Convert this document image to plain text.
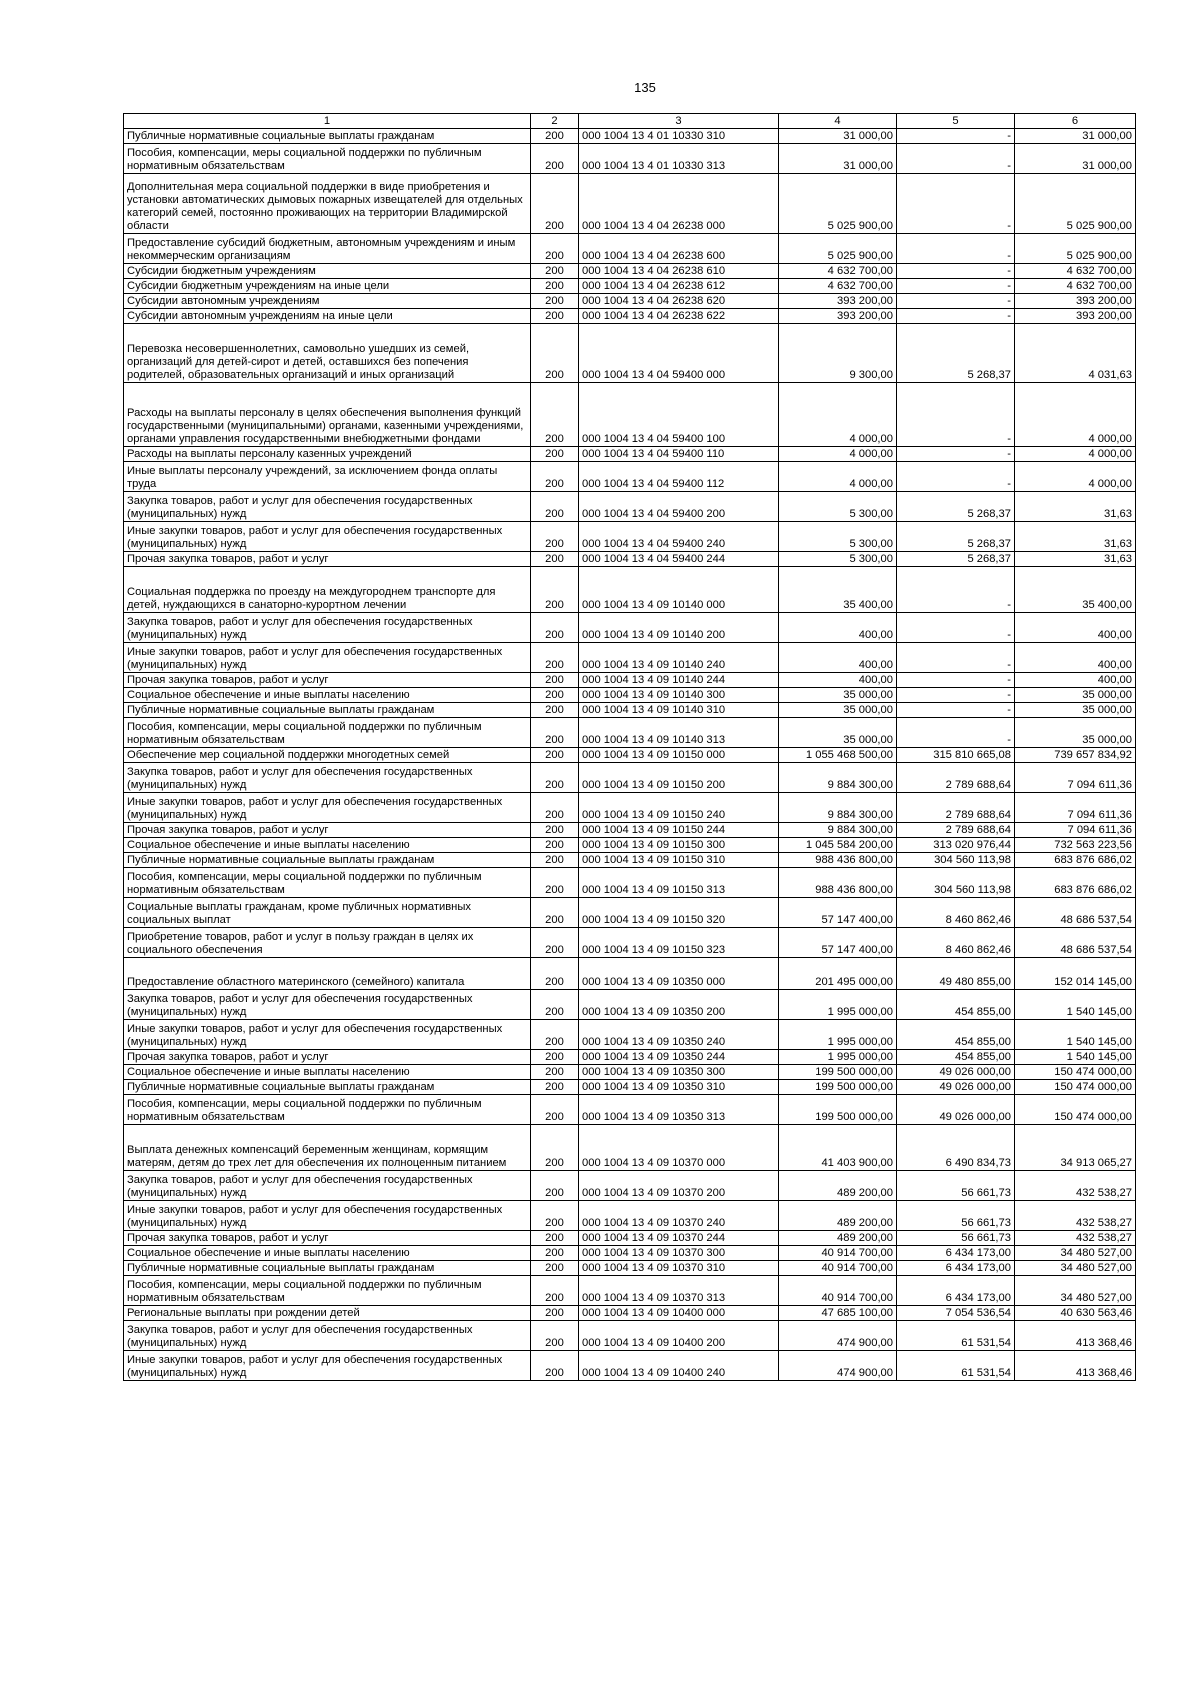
135
1	2	3	4	5	6
Публичные нормативные социальные выплаты гражданам	200	000 1004 13 4 01 10330 310	31 000,00	-	31 000,00
Пособия, компенсации, меры социальной поддержки по публичным нормативным обязательствам	200	000 1004 13 4 01 10330 313	31 000,00	-	31 000,00
Дополнительная мера социальной поддержки в виде приобретения и установки автоматических дымовых пожарных извещателей для отдельных категорий семей, постоянно проживающих на территории Владимирской области	200	000 1004 13 4 04 26238 000	5 025 900,00	-	5 025 900,00
Предоставление субсидий бюджетным, автономным учреждениям и иным некоммерческим организациям	200	000 1004 13 4 04 26238 600	5 025 900,00	-	5 025 900,00
Субсидии бюджетным учреждениям	200	000 1004 13 4 04 26238 610	4 632 700,00	-	4 632 700,00
Субсидии бюджетным учреждениям на иные цели	200	000 1004 13 4 04 26238 612	4 632 700,00	-	4 632 700,00
Субсидии автономным учреждениям	200	000 1004 13 4 04 26238 620	393 200,00	-	393 200,00
Субсидии автономным учреждениям на иные цели	200	000 1004 13 4 04 26238 622	393 200,00	-	393 200,00
Перевозка несовершеннолетних, самовольно ушедших из семей, организаций для детей-сирот и детей, оставшихся без попечения родителей, образовательных организаций и иных организаций	200	000 1004 13 4 04 59400 000	9 300,00	5 268,37	4 031,63
Расходы на выплаты персоналу в целях обеспечения выполнения функций государственными (муниципальными) органами, казенными учреждениями, органами управления государственными внебюджетными фондами	200	000 1004 13 4 04 59400 100	4 000,00	-	4 000,00
Расходы на выплаты персоналу казенных учреждений	200	000 1004 13 4 04 59400 110	4 000,00	-	4 000,00
Иные выплаты персоналу учреждений, за исключением фонда оплаты труда	200	000 1004 13 4 04 59400 112	4 000,00	-	4 000,00
Закупка товаров, работ и услуг для обеспечения государственных (муниципальных) нужд	200	000 1004 13 4 04 59400 200	5 300,00	5 268,37	31,63
Иные закупки товаров, работ и услуг для обеспечения государственных (муниципальных) нужд	200	000 1004 13 4 04 59400 240	5 300,00	5 268,37	31,63
Прочая закупка товаров, работ и услуг	200	000 1004 13 4 04 59400 244	5 300,00	5 268,37	31,63
Социальная поддержка по проезду на междугороднем транспорте для детей, нуждающихся в санаторно-курортном лечении	200	000 1004 13 4 09 10140 000	35 400,00	-	35 400,00
Закупка товаров, работ и услуг для обеспечения государственных (муниципальных) нужд	200	000 1004 13 4 09 10140 200	400,00	-	400,00
Иные закупки товаров, работ и услуг для обеспечения государственных (муниципальных) нужд	200	000 1004 13 4 09 10140 240	400,00	-	400,00
Прочая закупка товаров, работ и услуг	200	000 1004 13 4 09 10140 244	400,00	-	400,00
Социальное обеспечение и иные выплаты населению	200	000 1004 13 4 09 10140 300	35 000,00	-	35 000,00
Публичные нормативные социальные выплаты гражданам	200	000 1004 13 4 09 10140 310	35 000,00	-	35 000,00
Пособия, компенсации, меры социальной поддержки по публичным нормативным обязательствам	200	000 1004 13 4 09 10140 313	35 000,00	-	35 000,00
Обеспечение мер социальной поддержки многодетных семей	200	000 1004 13 4 09 10150 000	1 055 468 500,00	315 810 665,08	739 657 834,92
Закупка товаров, работ и услуг для обеспечения государственных (муниципальных) нужд	200	000 1004 13 4 09 10150 200	9 884 300,00	2 789 688,64	7 094 611,36
Иные закупки товаров, работ и услуг для обеспечения государственных (муниципальных) нужд	200	000 1004 13 4 09 10150 240	9 884 300,00	2 789 688,64	7 094 611,36
Прочая закупка товаров, работ и услуг	200	000 1004 13 4 09 10150 244	9 884 300,00	2 789 688,64	7 094 611,36
Социальное обеспечение и иные выплаты населению	200	000 1004 13 4 09 10150 300	1 045 584 200,00	313 020 976,44	732 563 223,56
Публичные нормативные социальные выплаты гражданам	200	000 1004 13 4 09 10150 310	988 436 800,00	304 560 113,98	683 876 686,02
Пособия, компенсации, меры социальной поддержки по публичным нормативным обязательствам	200	000 1004 13 4 09 10150 313	988 436 800,00	304 560 113,98	683 876 686,02
Социальные выплаты гражданам, кроме публичных нормативных социальных выплат	200	000 1004 13 4 09 10150 320	57 147 400,00	8 460 862,46	48 686 537,54
Приобретение товаров, работ и услуг в пользу граждан в целях их социального обеспечения	200	000 1004 13 4 09 10150 323	57 147 400,00	8 460 862,46	48 686 537,54
Предоставление областного материнского (семейного) капитала	200	000 1004 13 4 09 10350 000	201 495 000,00	49 480 855,00	152 014 145,00
Закупка товаров, работ и услуг для обеспечения государственных (муниципальных) нужд	200	000 1004 13 4 09 10350 200	1 995 000,00	454 855,00	1 540 145,00
Иные закупки товаров, работ и услуг для обеспечения государственных (муниципальных) нужд	200	000 1004 13 4 09 10350 240	1 995 000,00	454 855,00	1 540 145,00
Прочая закупка товаров, работ и услуг	200	000 1004 13 4 09 10350 244	1 995 000,00	454 855,00	1 540 145,00
Социальное обеспечение и иные выплаты населению	200	000 1004 13 4 09 10350 300	199 500 000,00	49 026 000,00	150 474 000,00
Публичные нормативные социальные выплаты гражданам	200	000 1004 13 4 09 10350 310	199 500 000,00	49 026 000,00	150 474 000,00
Пособия, компенсации, меры социальной поддержки по публичным нормативным обязательствам	200	000 1004 13 4 09 10350 313	199 500 000,00	49 026 000,00	150 474 000,00
Выплата денежных компенсаций беременным женщинам, кормящим матерям, детям до трех лет для обеспечения их полноценным питанием	200	000 1004 13 4 09 10370 000	41 403 900,00	6 490 834,73	34 913 065,27
Закупка товаров, работ и услуг для обеспечения государственных (муниципальных) нужд	200	000 1004 13 4 09 10370 200	489 200,00	56 661,73	432 538,27
Иные закупки товаров, работ и услуг для обеспечения государственных (муниципальных) нужд	200	000 1004 13 4 09 10370 240	489 200,00	56 661,73	432 538,27
Прочая закупка товаров, работ и услуг	200	000 1004 13 4 09 10370 244	489 200,00	56 661,73	432 538,27
Социальное обеспечение и иные выплаты населению	200	000 1004 13 4 09 10370 300	40 914 700,00	6 434 173,00	34 480 527,00
Публичные нормативные социальные выплаты гражданам	200	000 1004 13 4 09 10370 310	40 914 700,00	6 434 173,00	34 480 527,00
Пособия, компенсации, меры социальной поддержки по публичным нормативным обязательствам	200	000 1004 13 4 09 10370 313	40 914 700,00	6 434 173,00	34 480 527,00
Региональные выплаты при рождении детей	200	000 1004 13 4 09 10400 000	47 685 100,00	7 054 536,54	40 630 563,46
Закупка товаров, работ и услуг для обеспечения государственных (муниципальных) нужд	200	000 1004 13 4 09 10400 200	474 900,00	61 531,54	413 368,46
Иные закупки товаров, работ и услуг для обеспечения государственных (муниципальных) нужд	200	000 1004 13 4 09 10400 240	474 900,00	61 531,54	413 368,46
